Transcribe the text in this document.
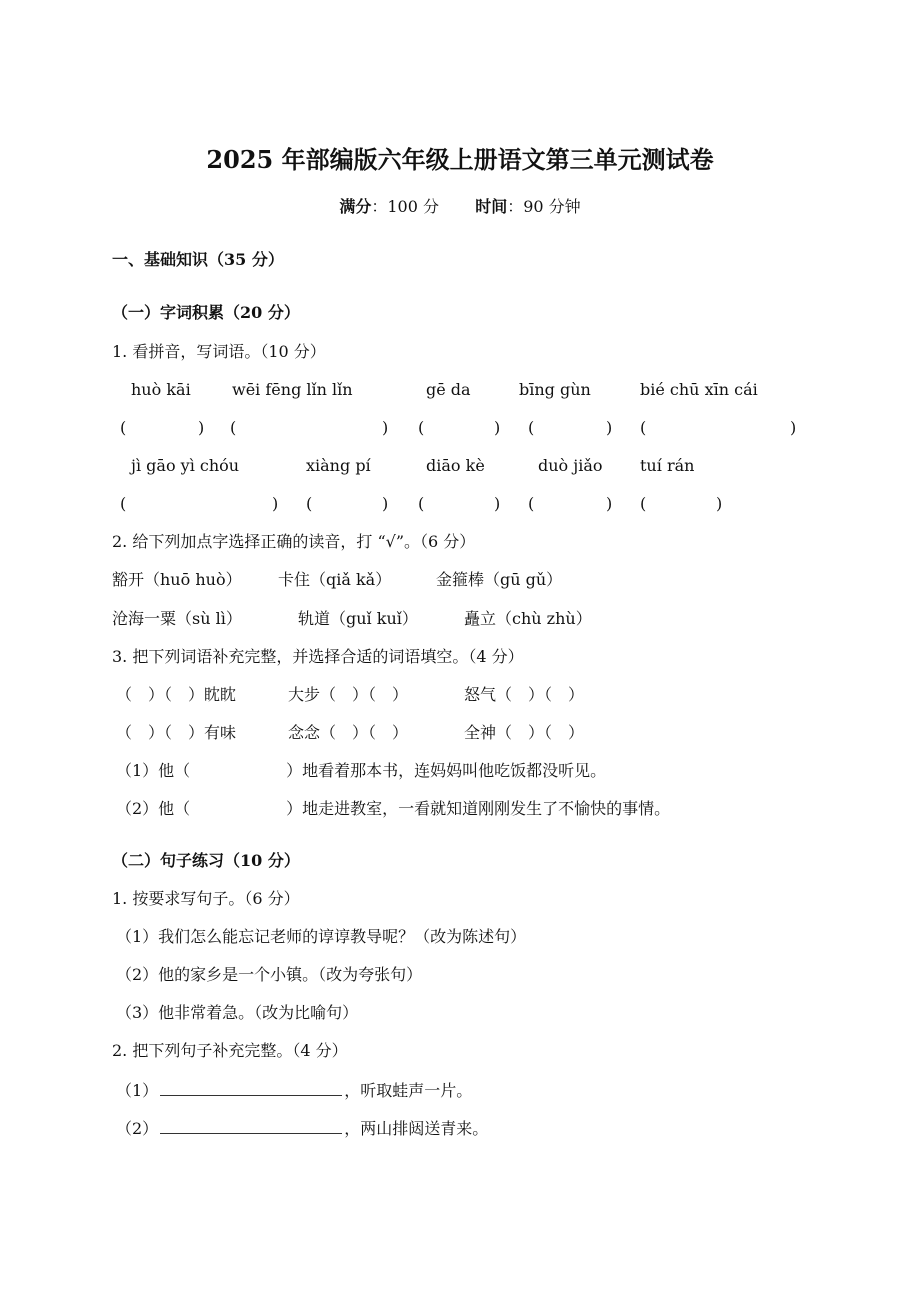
2025 年部编版六年级上册语文第三单元测试卷
满分：100 分 时间：90 分钟
一、基础知识（35 分）
（一）字词积累（20 分）
1. 看拼音，写词语。（10 分）
huò kāi	wēi fēng lǐn lǐn	gē da	bīng gùn	bié chū xīn cái
(	) (	) (	) (	) (	)
jì gāo yì chóu	xiàng pí	diāo kè	duò jiǎo tuí rán
(	) (	) (	) (	) (	)
2. 给下列加点字选择正确的读音，打 “√”。（6 分）
豁开（huō huò） 卡住（qiǎ kǎ）	金箍棒（gū gǔ）
沧海一粟（sù lì）	轨道（guǐ kuǐ）	矗立（chù zhù）
3. 把下列词语补充完整，并选择合适的词语填空。（4 分）
（　）（　）眈眈	大步（　）（　）	怒气（　）（　）
（　）（　）有味	念念（　）（　）	全神（　）（　）
（1）他（　　　　　　）地看着那本书，连妈妈叫他吃饭都没听见。
（2）他（　　　　　　）地走进教室，一看就知道刚刚发生了不愉快的事情。
（二）句子练习（10 分）
1. 按要求写句子。（6 分）
（1）我们怎么能忘记老师的谆谆教导呢？（改为陈述句）
（2）他的家乡是一个小镇。（改为夸张句）
（3）他非常着急。（改为比喻句）
2. 把下列句子补充完整。（4 分）
（1）	，听取蛙声一片。
（2）	，两山排闼送青来。
